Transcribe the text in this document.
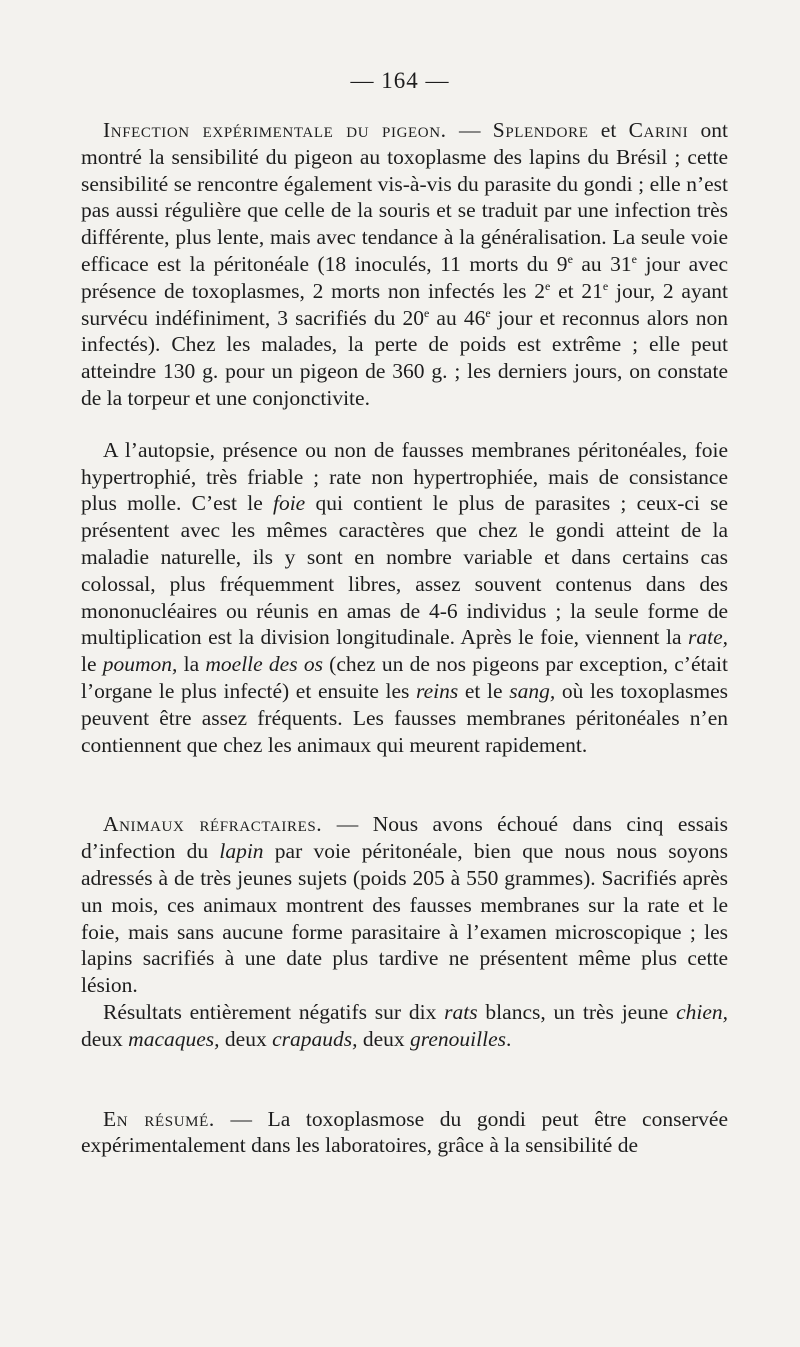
— 164 —

Infection expérimentale du pigeon. — Splendore et Carini ont montré la sensibilité du pigeon au toxoplasme des lapins du Brésil ; cette sensibilité se rencontre également vis-à-vis du parasite du gondi ; elle n’est pas aussi régulière que celle de la souris et se traduit par une infection très différente, plus lente, mais avec tendance à la généralisation. La seule voie efficace est la péritonéale (18 inoculés, 11 morts du 9e au 31e jour avec présence de toxoplasmes, 2 morts non infectés les 2e et 21e jour, 2 ayant survécu indéfiniment, 3 sacrifiés du 20e au 46e jour et reconnus alors non infectés). Chez les malades, la perte de poids est extrême ; elle peut atteindre 130 g. pour un pigeon de 360 g. ; les derniers jours, on constate de la torpeur et une conjonctivite.

A l’autopsie, présence ou non de fausses membranes péritonéales, foie hypertrophié, très friable ; rate non hypertrophiée, mais de consistance plus molle. C’est le foie qui contient le plus de parasites ; ceux-ci se présentent avec les mêmes caractères que chez le gondi atteint de la maladie naturelle, ils y sont en nombre variable et dans certains cas colossal, plus fréquemment libres, assez souvent contenus dans des mononucléaires ou réunis en amas de 4-6 individus ; la seule forme de multiplication est la division longitudinale. Après le foie, viennent la rate, le poumon, la moelle des os (chez un de nos pigeons par exception, c’était l’organe le plus infecté) et ensuite les reins et le sang, où les toxoplasmes peuvent être assez fréquents. Les fausses membranes péritonéales n’en contiennent que chez les animaux qui meurent rapidement.

Animaux réfractaires. — Nous avons échoué dans cinq essais d’infection du lapin par voie péritonéale, bien que nous nous soyons adressés à de très jeunes sujets (poids 205 à 550 grammes). Sacrifiés après un mois, ces animaux montrent des fausses membranes sur la rate et le foie, mais sans aucune forme parasitaire à l’examen microscopique ; les lapins sacrifiés à une date plus tardive ne présentent même plus cette lésion.

Résultats entièrement négatifs sur dix rats blancs, un très jeune chien, deux macaques, deux crapauds, deux grenouilles.

En résumé. — La toxoplasmose du gondi peut être conservée expérimentalement dans les laboratoires, grâce à la sensibilité de
